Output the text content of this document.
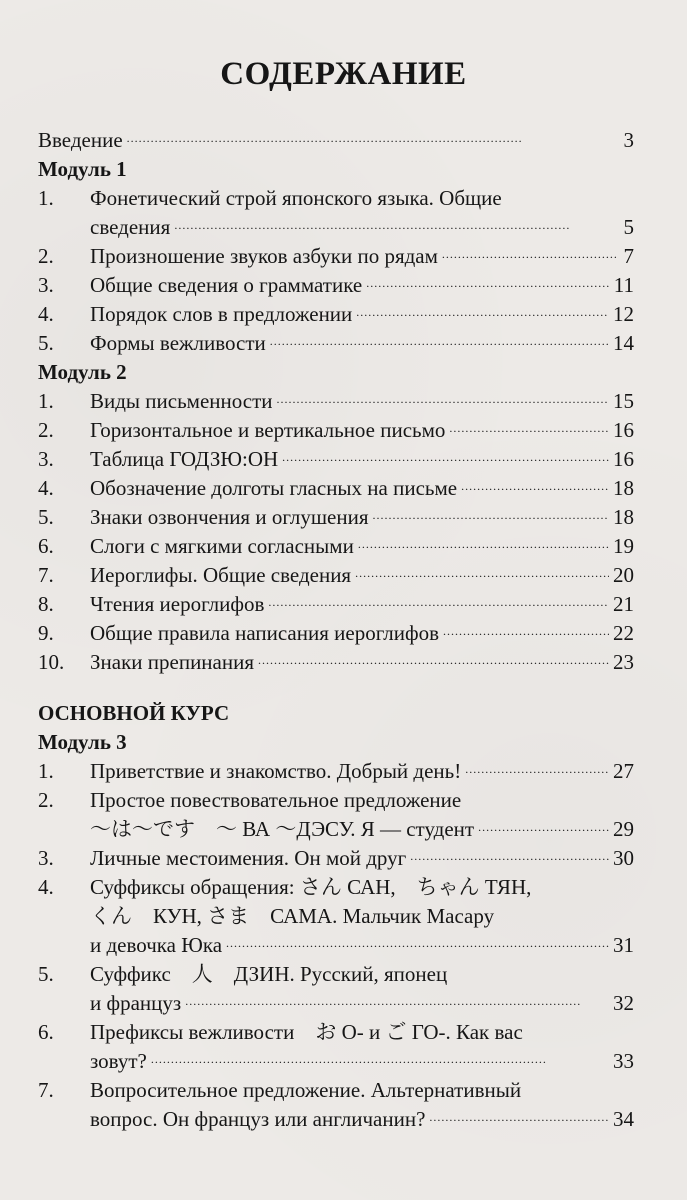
СОДЕРЖАНИЕ
Введение . . .	3
Модуль 1
1.	Фонетический строй японского языка. Общие
сведения . . .	5
2.	Произношение звуков азбуки по рядам . . .	7
3.	Общие сведения о грамматике . . .	11
4.	Порядок слов в предложении . . .	12
5.	Формы вежливости . . .	14
Модуль 2
1.	Виды письменности . . .	15
2.	Горизонтальное и вертикальное письмо . . .	16
3.	Таблица ГОДЗЮ:ОН . . .	16
4.	Обозначение долготы гласных на письме . . .	18
5.	Знаки озвончения и оглушения . . .	18
6.	Слоги с мягкими согласными . . .	19
7.	Иероглифы. Общие сведения . . .	20
8.	Чтения иероглифов . . .	21
9.	Общие правила написания иероглифов . . .	22
10.	Знаки препинания . . .	23
ОСНОВНОЙ КУРС
Модуль 3
1.	Приветствие и знакомство. Добрый день! . . .	27
2.	Простое повествовательное предложение
～は～です　～ ВА ～ДЭСУ. Я — студент . . .	29
3.	Личные местоимения. Он мой друг . . .	30
4.	Суффиксы обращения: さん САН,　ちゃん ТЯН,
くん　КУН, さま　САМА. Мальчик Масару
и девочка Юка . . .	31
5.	Суффикс　人　ДЗИН. Русский, японец
и француз . . .	32
6.	Префиксы вежливости　お О- и ご ГО-. Как вас
зовут? . . .	33
7.	Вопросительное предложение. Альтернативный
вопрос. Он француз или англичанин? . . .	34
